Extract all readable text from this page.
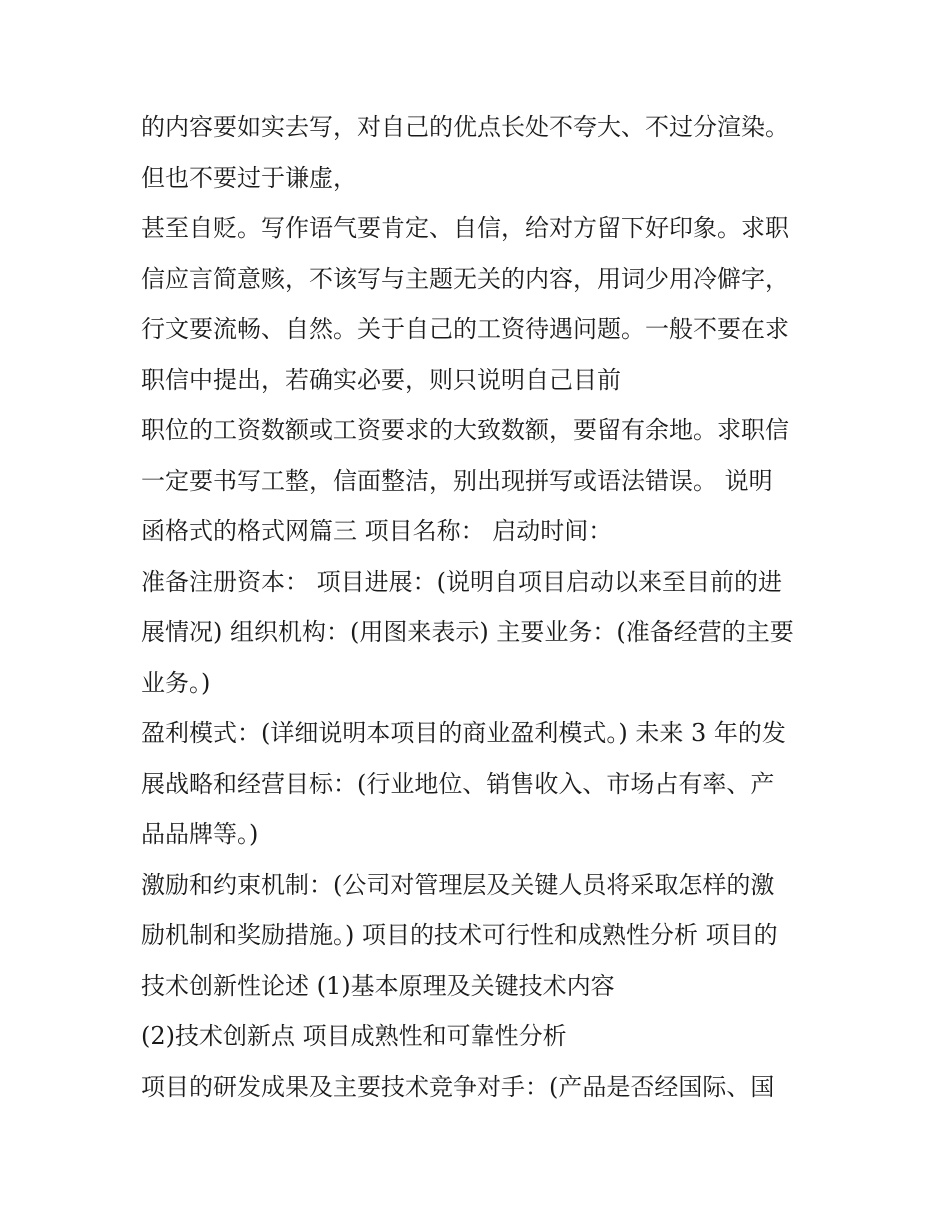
的内容要如实去写，对自己的优点长处不夸大、不过分渲染。
但也不要过于谦虚，
甚至自贬。写作语气要肯定、自信，给对方留下好印象。求职
信应言简意赅，不该写与主题无关的内容，用词少用冷僻字，
行文要流畅、自然。关于自己的工资待遇问题。一般不要在求
职信中提出，若确实必要，则只说明自己目前
职位的工资数额或工资要求的大致数额，要留有余地。求职信
一定要书写工整，信面整洁，别出现拼写或语法错误。 说明
函格式的格式网篇三 项目名称： 启动时间：
准备注册资本： 项目进展：(说明自项目启动以来至目前的进
展情况) 组织机构：(用图来表示) 主要业务：(准备经营的主要
业务。)
盈利模式：(详细说明本项目的商业盈利模式。) 未来 3 年的发
展战略和经营目标：(行业地位、销售收入、市场占有率、产
品品牌等。)
激励和约束机制：(公司对管理层及关键人员将采取怎样的激
励机制和奖励措施。) 项目的技术可行性和成熟性分析 项目的
技术创新性论述 (1)基本原理及关键技术内容
(2)技术创新点 项目成熟性和可靠性分析
项目的研发成果及主要技术竞争对手：(产品是否经国际、国
